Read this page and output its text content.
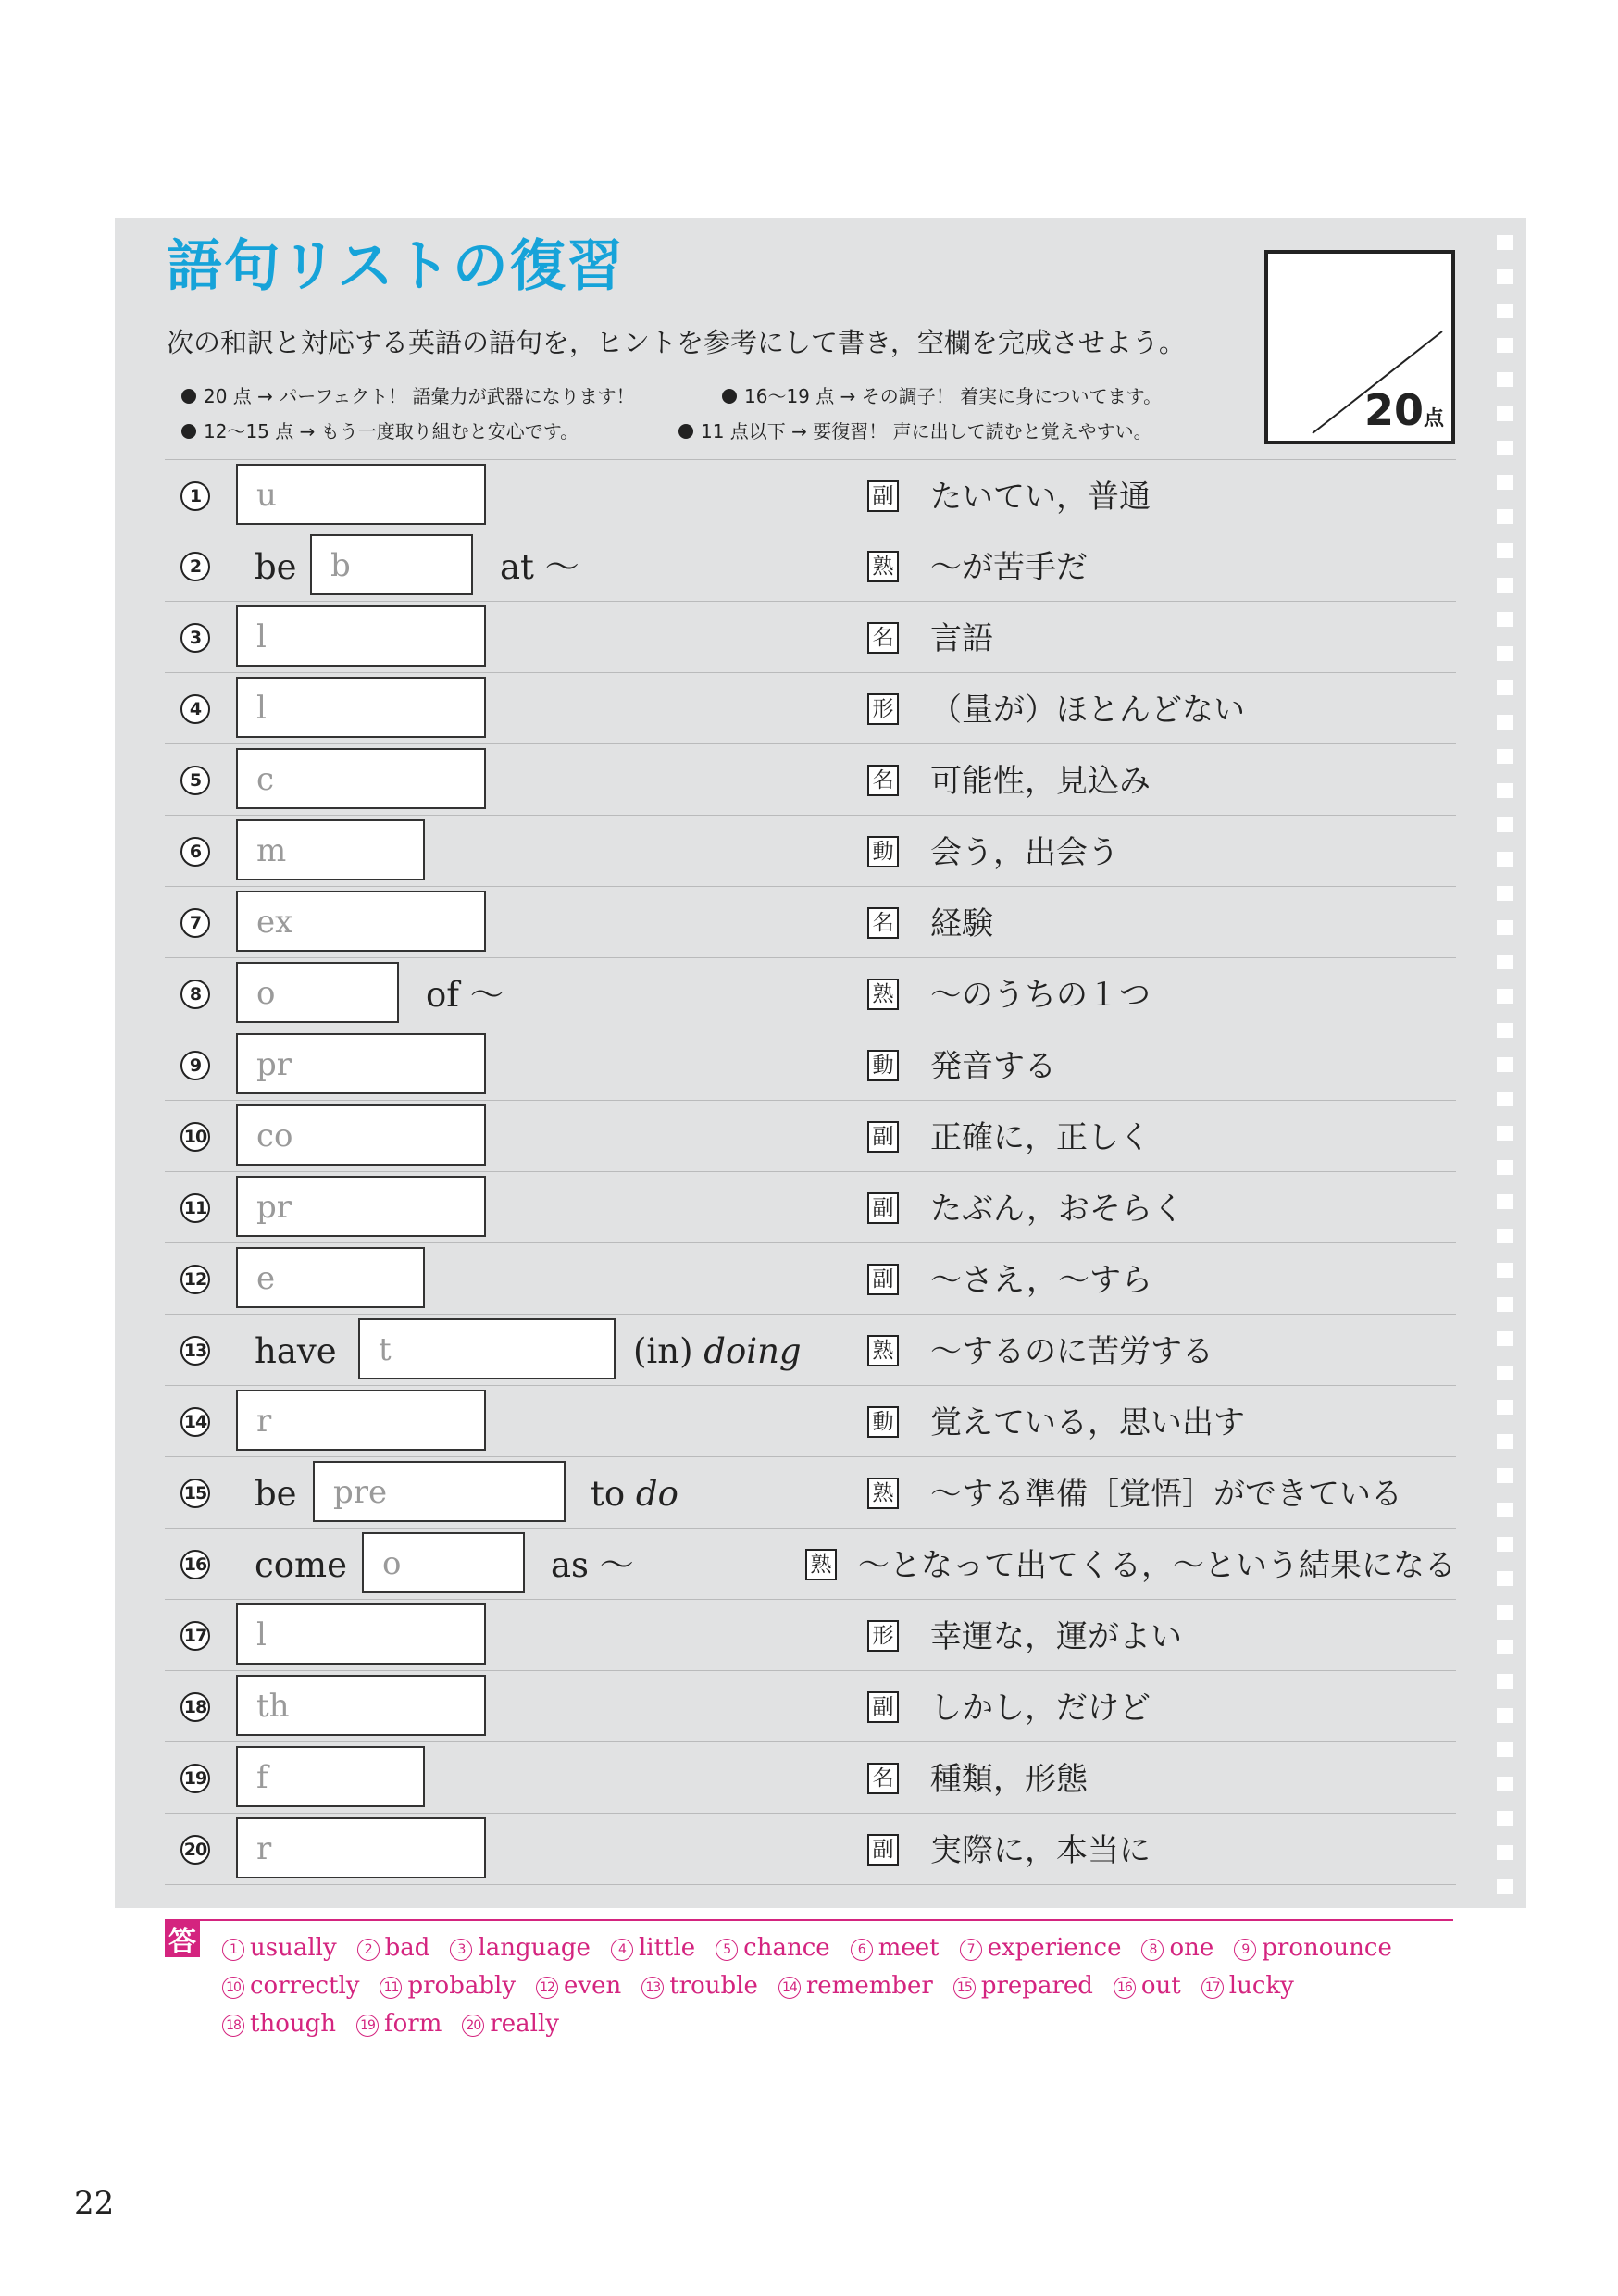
語句リストの復習

次の和訳と対応する英語の語句を，ヒントを参考にして書き，空欄を完成させよう。

20 点 → パーフェクト！ 語彙力が武器になります！	16〜19 点 → その調子！ 着実に身についてます。
12〜15 点 → もう一度取り組むと安心です。	11 点以下 → 要復習！ 声に出して読むと覚えやすい。	20点
1	u	副 たいてい，普通
2 be	b	at 〜	熟 〜が苦手だ
3	l	名 言語
4	l	形 （量が）ほとんどない
5	c	名 可能性，見込み
6	m	動 会う，出会う
7	ex	名 経験
8	o	of 〜	熟 〜のうちの１つ
9	pr	動 発音する
10	co	副 正確に，正しく
11	pr	副 たぶん，おそらく
12	e	副 〜さえ，〜すら
13 have	t	(in) doing	熟 〜するのに苦労する
14	r	動 覚えている，思い出す
15 be	pre	to do	熟 〜する準備［覚悟］ができている
16 come	o	as 〜	熟 〜となって出てくる，〜という結果になる
17	l	形 幸運な，運がよい
18	th	副 しかし，だけど
19	f	名 種類，形態
20	r	副 実際に，本当に
答	1 usually 2 bad 3 language 4 little 5 chance 6 meet 7 experience 8 one 9 pronounce
10 correctly 11 probably 12 even 13 trouble 14 remember 15 prepared 16 out 17 lucky
18 though 19 form 20 really
22
